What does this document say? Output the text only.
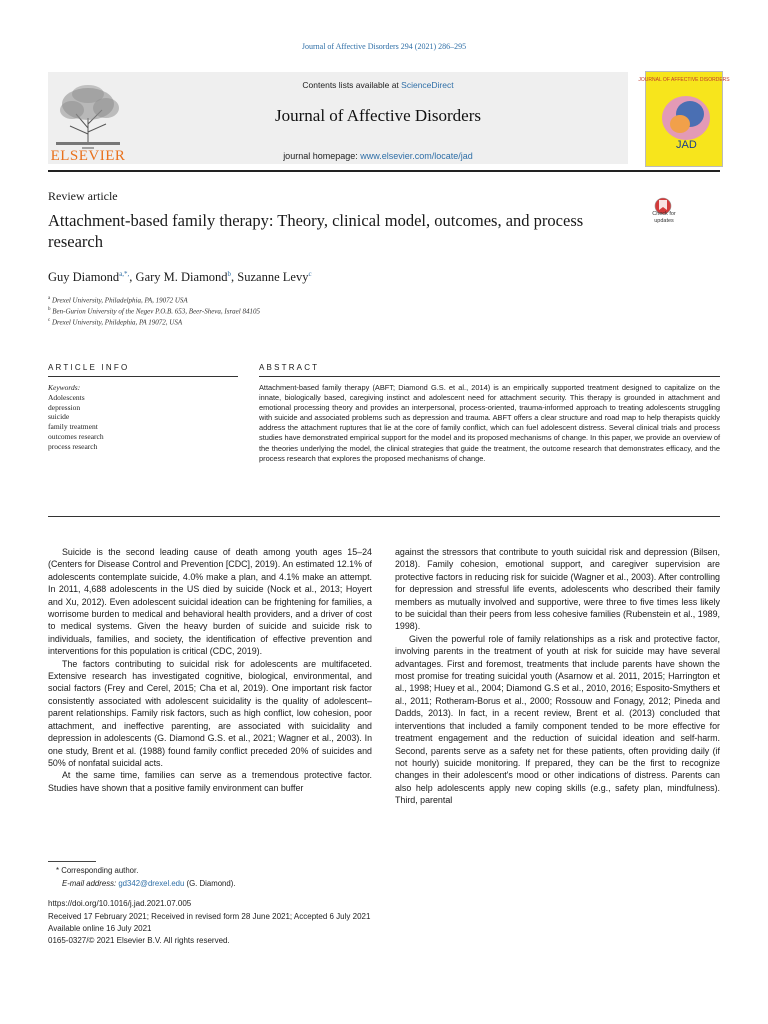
Journal of Affective Disorders 294 (2021) 286–295
ELSEVIER
Contents lists available at ScienceDirect
Journal of Affective Disorders
journal homepage: www.elsevier.com/locate/jad
JOURNAL OF AFFECTIVE DISORDERS
JAD
Review article
Attachment-based family therapy: Theory, clinical model, outcomes, and process research
Check for updates
Guy Diamond$^{a,*,}$, Gary M. Diamond$^b$, Suzanne Levy$^c$
$^a$ Drexel University, Philadelphia, PA, 19072 USA
$^b$ Ben-Gurion University of the Negev P.O.B. 653, Beer-Sheva, Israel 84105
$^c$ Drexel University, Phildephia, PA 19072, USA
ARTICLE INFO	ABSTRACT
Keywords:
Adolescents
depression
suicide
family treatment
outcomes research
process research
Attachment-based family therapy (ABFT; Diamond G.S. et al., 2014) is an empirically supported treatment designed to capitalize on the innate, biologically based, caregiving instinct and adolescent need for attachment security. This therapy is grounded in attachment and emotional processing theory and provides an interpersonal, process-oriented, trauma-informed approach to treating adolescents struggling with suicide and associated problems such as depression and trauma. ABFT offers a clear structure and road map to help therapists quickly address the attachment ruptures that lie at the core of family conflict, which can fuel adolescent distress. Several clinical trials and process studies have demonstrated empirical support for the model and its proposed mechanisms of change. In this paper, we provide an overview of the theories underlying the model, the clinical strategies that guide the treatment, the outcome research that demonstrates efficacy, and the process research that explores the proposed mechanisms of change.

Suicide is the second leading cause of death among youth ages 15–24 (Centers for Disease Control and Prevention [CDC], 2019). An estimated 12.1% of adolescents contemplate suicide, 4.0% make a plan, and 4.1% make an attempt. In 2011, 4,688 adolescents in the US died by suicide (Nock et al., 2013; Hoyert and Xu, 2012). Even adolescent suicidal ideation can be frightening for families, a worrisome burden to medical and behavioral health providers, and a driver of cost to medical systems. Given the heavy burden of suicide and suicide risk to individuals, families, and society, the identification of effective prevention and interventions for this population is critical (CDC, 2019).

The factors contributing to suicidal risk for adolescents are multifaceted. Extensive research has investigated cognitive, biological, environmental, and social factors (Frey and Cerel, 2015; Cha et al, 2019). One important risk factor consistently associated with adolescent suicidality is the quality of adolescent–parent relationships. Family risk factors, such as high conflict, low cohesion, poor attachment, and ineffective parenting, are associated with suicidality and depression in adolescents (G. Diamond G.S. et al., 2021; Wagner et al., 2003). In one study, Brent et al. (1988) found family conflict preceded 20% of suicides and 50% of nonfatal suicidal acts.

At the same time, families can serve as a tremendous protective factor. Studies have shown that a positive family environment can buffer

against the stressors that contribute to youth suicidal risk and depression (Bilsen, 2018). Family cohesion, emotional support, and caregiver supervision are protective factors in reducing risk for suicide (Wagner et al., 2003). After controlling for depression and stressful life events, adolescents who described their family members as mutually involved and supportive, were three to five times less likely to be suicidal than their peers from less cohesive families (Rubenstein et al., 1989, 1998).

Given the powerful role of family relationships as a risk and protective factor, involving parents in the treatment of youth at risk for suicide may have several advantages. First and foremost, treatments that include parents have shown the most promise for treating suicidal youth (Asarnow et al. 2011, 2015; Harrington et al., 1998; Huey et al., 2004; Diamond G.S et al., 2010, 2016; Esposito-Smythers et al., 2011; Rotheram-Borus et al., 2000; Rossouw and Fonagy, 2012; Pineda and Dadds, 2013). In fact, in a recent review, Brent et al. (2013) concluded that interventions that included a family component tended to be more effective for treatment engagement and the reduction of suicidal ideation and self-harm. Second, parents serve as a safety net for these patients, often providing daily (if not hourly) suicide monitoring. If prepared, they can be the first to recognize changes in their adolescent's mood or other indications of distress. Parents can also help adolescents apply new coping skills (e.g., safety plan, mindfulness). Third, parental

* Corresponding author.
E-mail address: gd342@drexel.edu (G. Diamond).
https://doi.org/10.1016/j.jad.2021.07.005
Received 17 February 2021; Received in revised form 28 June 2021; Accepted 6 July 2021
Available online 16 July 2021
0165-0327/© 2021 Elsevier B.V. All rights reserved.
